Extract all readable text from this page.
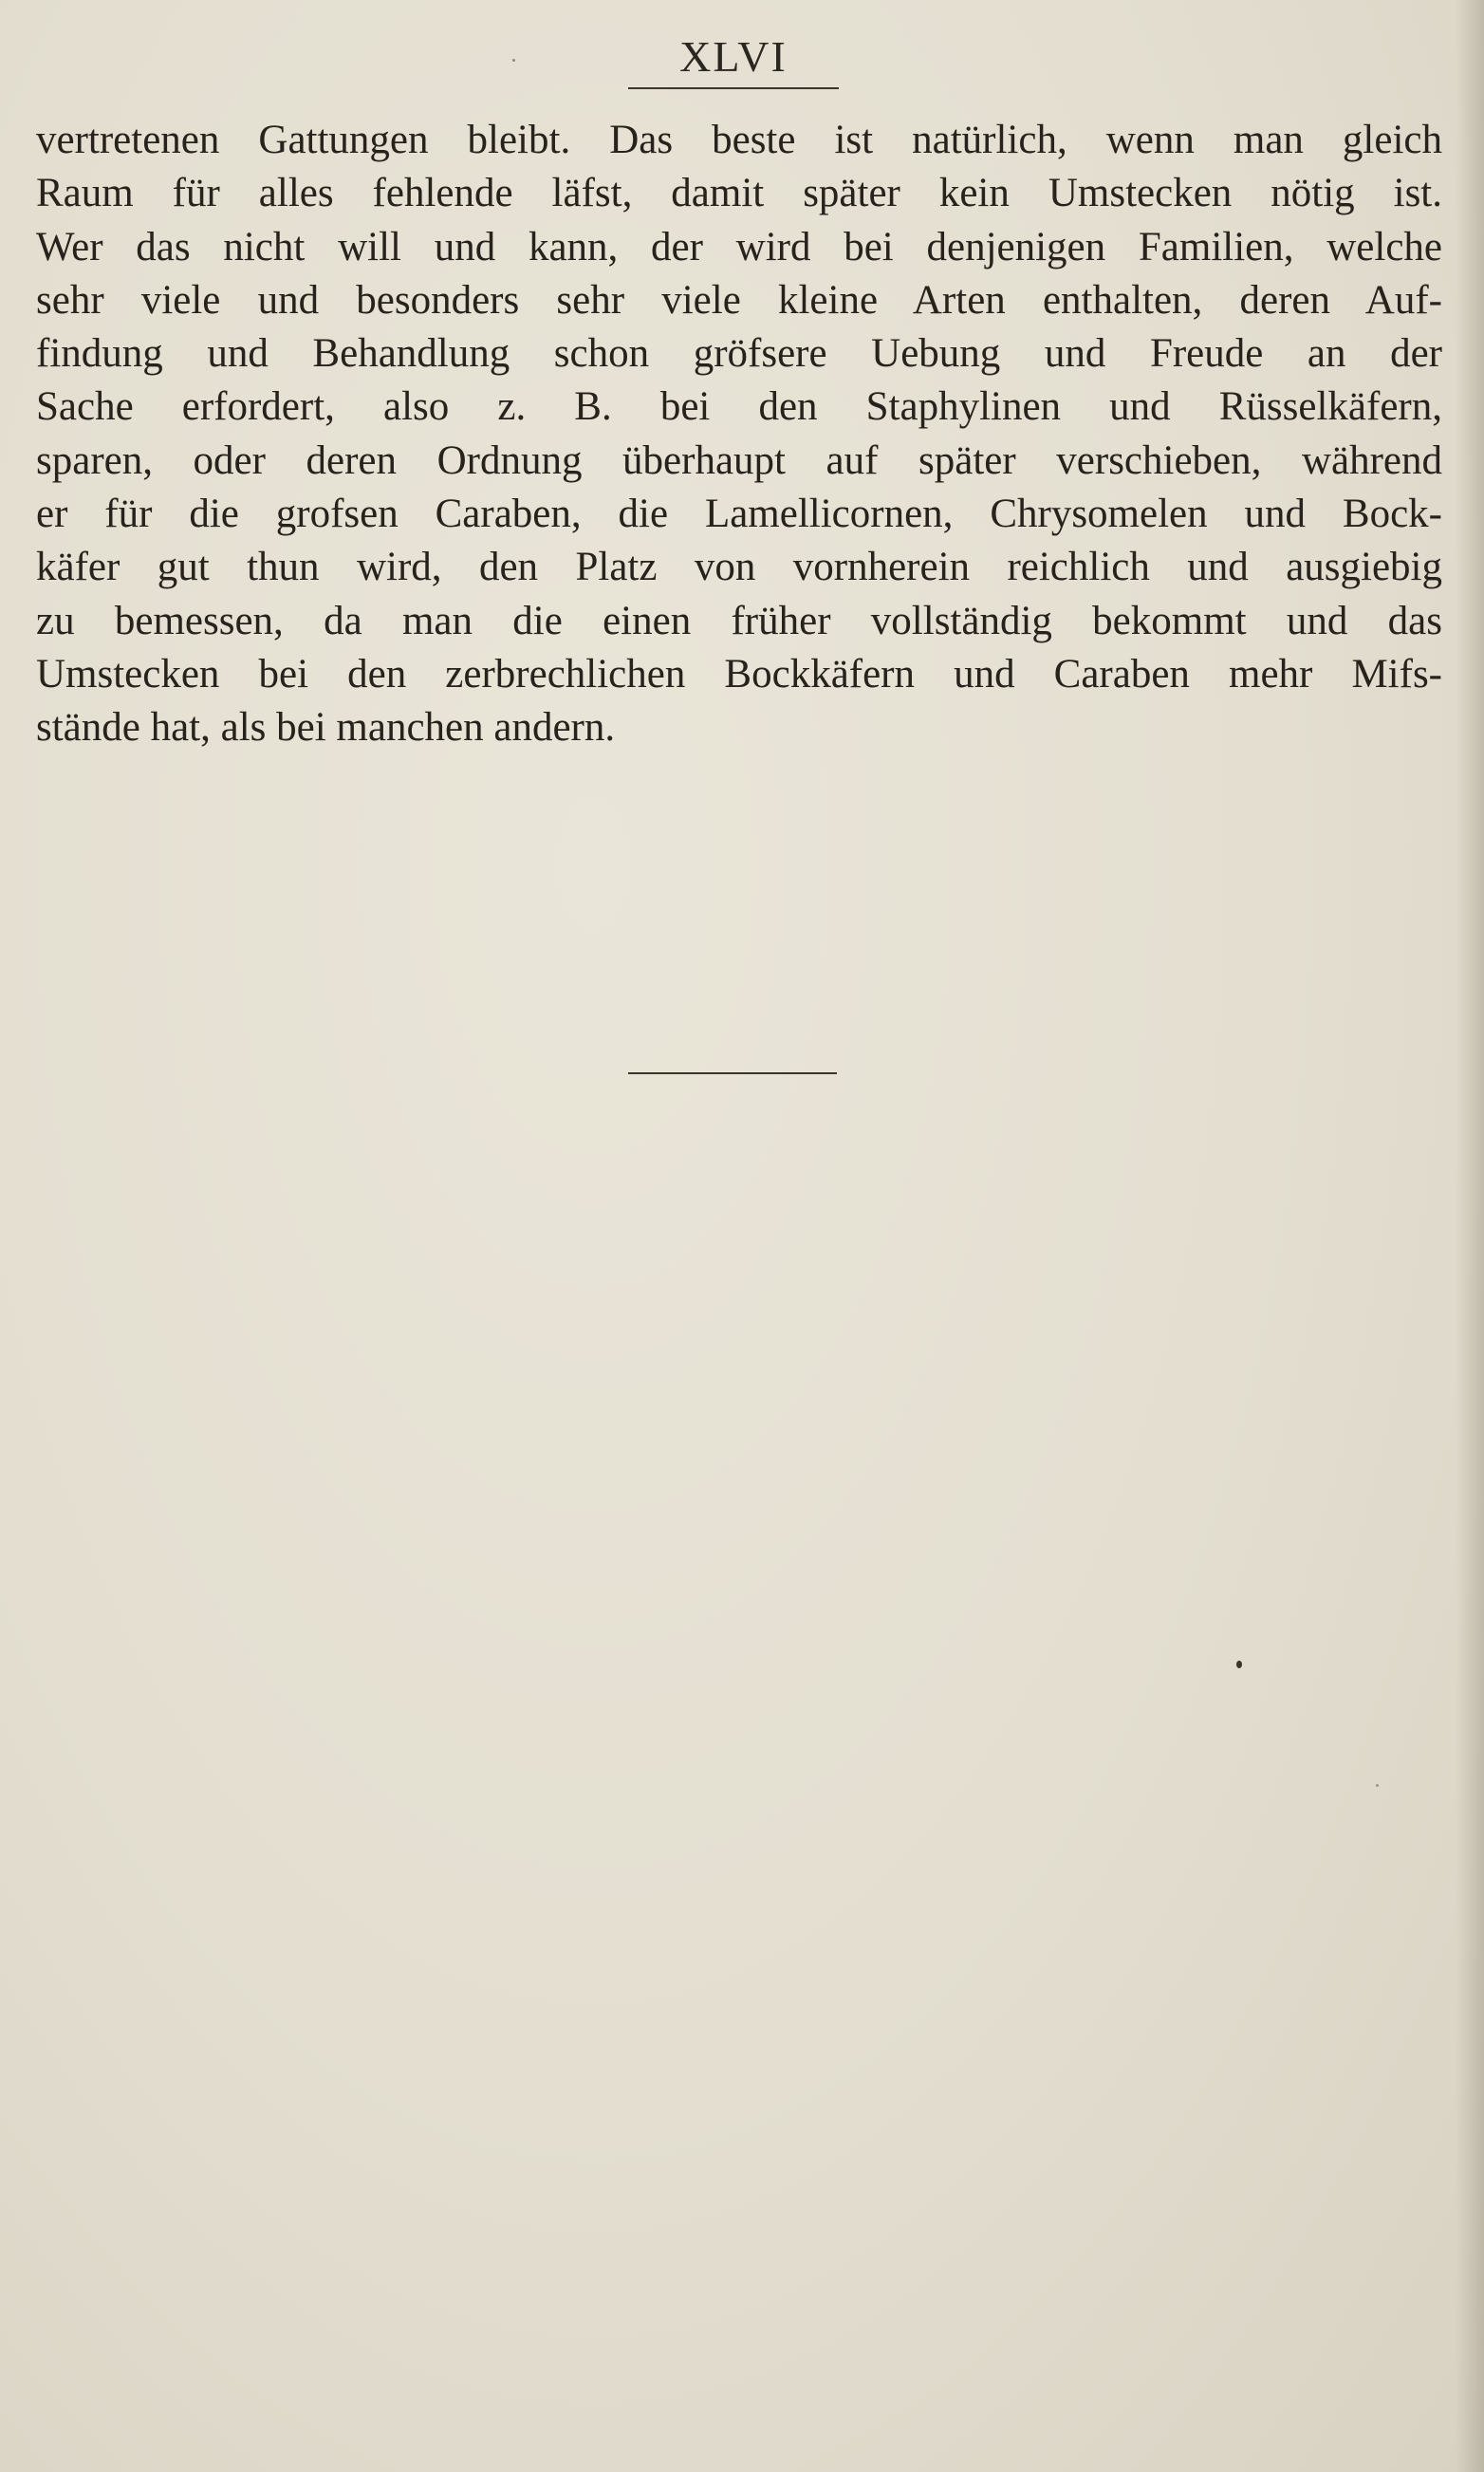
XLVI
vertretenen Gattungen bleibt. Das beste ist natürlich, wenn man gleich
Raum für alles fehlende läfst, damit später kein Umstecken nötig ist.
Wer das nicht will und kann, der wird bei denjenigen Familien, welche
sehr viele und besonders sehr viele kleine Arten enthalten, deren Auf-
findung und Behandlung schon gröfsere Uebung und Freude an der
Sache erfordert, also z. B. bei den Staphylinen und Rüsselkäfern,
sparen, oder deren Ordnung überhaupt auf später verschieben, während
er für die grofsen Caraben, die Lamellicornen, Chrysomelen und Bock-
käfer gut thun wird, den Platz von vornherein reichlich und ausgiebig
zu bemessen, da man die einen früher vollständig bekommt und das
Umstecken bei den zerbrechlichen Bockkäfern und Caraben mehr Mifs-
stände hat, als bei manchen andern.
